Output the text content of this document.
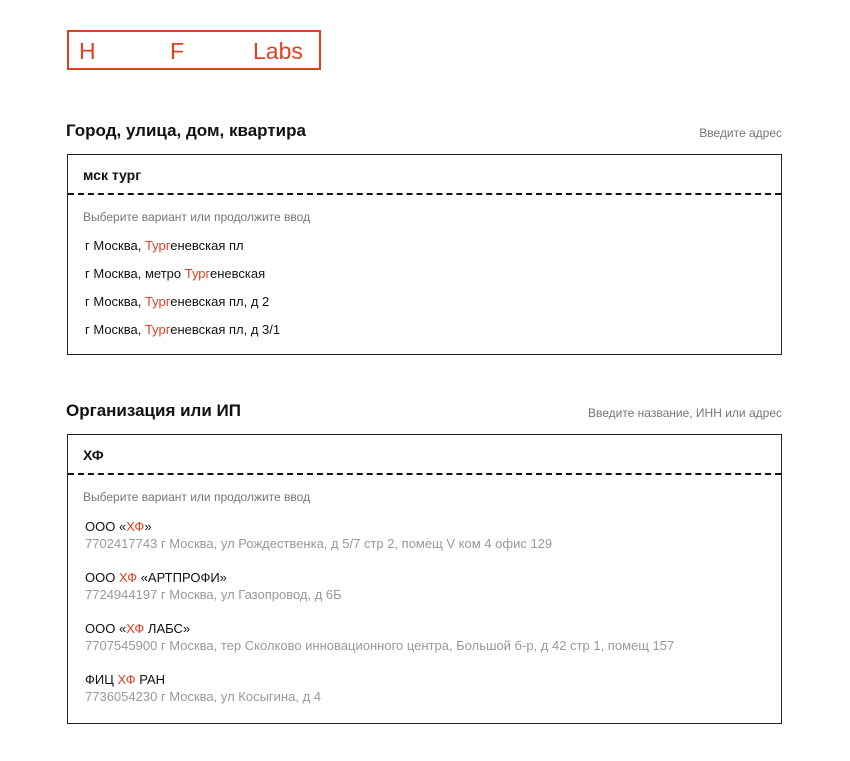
H	F	Labs
Город, улица, дом, квартира	Введите адрес
мск тург
Выберите вариант или продолжите ввод
г Москва, Тургеневская пл
г Москва, метро Тургеневская
г Москва, Тургеневская пл, д 2
г Москва, Тургеневская пл, д 3/1
Организация или ИП	Введите название, ИНН или адрес
ХФ
Выберите вариант или продолжите ввод
ООО «ХФ»
7702417743 г Москва, ул Рождественка, д 5/7 стр 2, помещ V ком 4 офис 129
ООО ХФ «АРТПРОФИ»
7724944197 г Москва, ул Газопровод, д 6Б
ООО «ХФ ЛАБС»
7707545900 г Москва, тер Сколково инновационного центра, Большой б-р, д 42 стр 1, помещ 157
ФИЦ ХФ РАН
7736054230 г Москва, ул Косыгина, д 4
